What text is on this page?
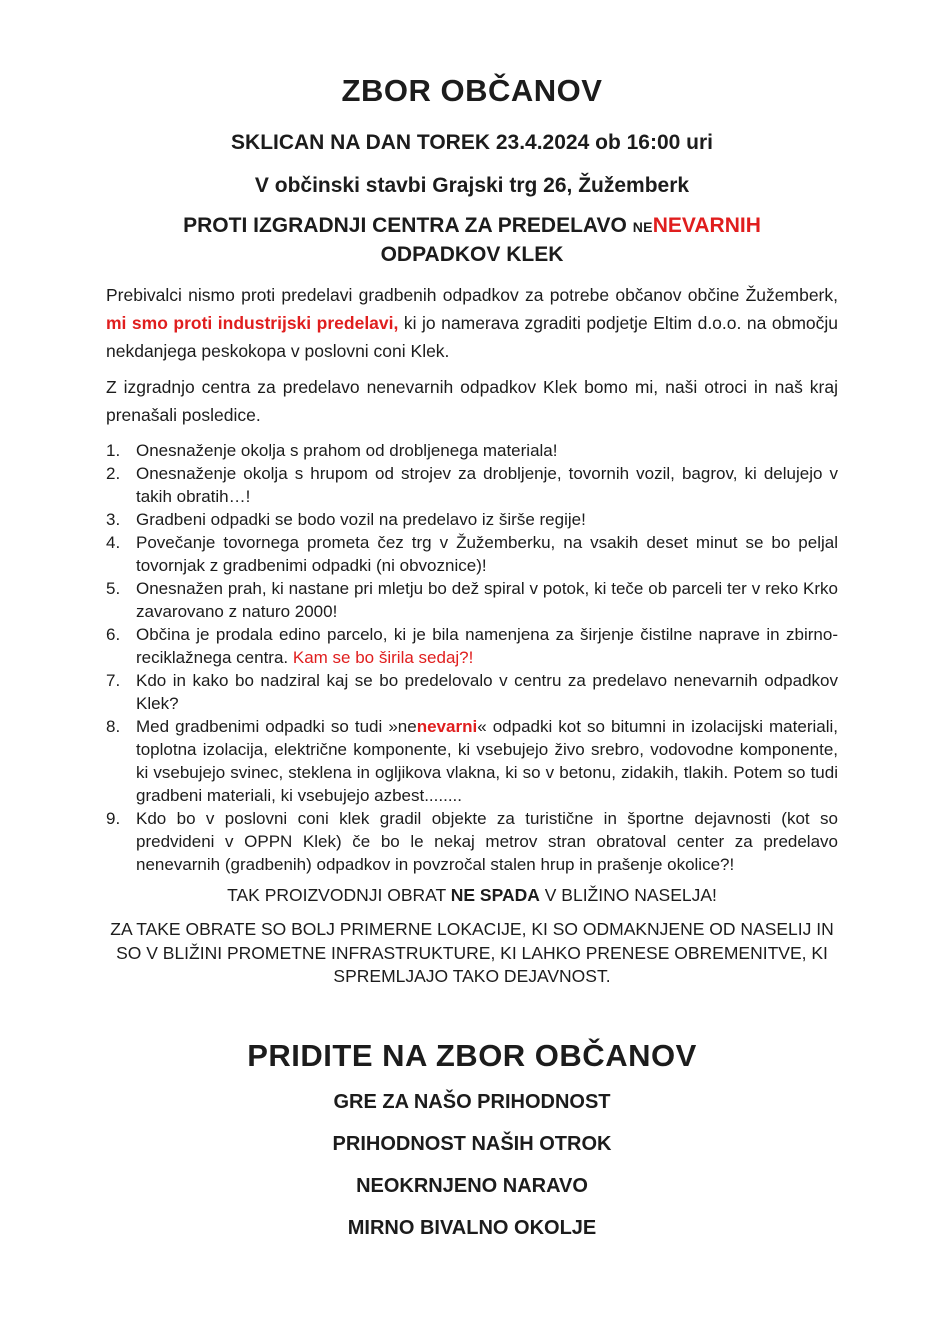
ZBOR OBČANOV
SKLICAN NA DAN TOREK 23.4.2024 ob 16:00 uri
V občinski stavbi Grajski trg 26, Žužemberk
PROTI IZGRADNJI CENTRA ZA PREDELAVO NENEVARNIH
ODPADKOV KLEK

Prebivalci nismo proti predelavi gradbenih odpadkov za potrebe občanov občine Žužemberk, mi smo proti industrijski predelavi, ki jo namerava zgraditi podjetje Eltim d.o.o. na območju nekdanjega peskokopa v poslovni coni Klek.

Z izgradnjo centra za predelavo nenevarnih odpadkov Klek bomo mi, naši otroci in naš kraj prenašali posledice.

1. Onesnaženje okolja s prahom od drobljenega materiala!
2. Onesnaženje okolja s hrupom od strojev za drobljenje, tovornih vozil, bagrov, ki delujejo v takih obratih…!
3. Gradbeni odpadki se bodo vozil na predelavo iz širše regije!
4. Povečanje tovornega prometa čez trg v Žužemberku, na vsakih deset minut se bo peljal tovornjak z gradbenimi odpadki (ni obvoznice)!
5. Onesnažen prah, ki nastane pri mletju bo dež spiral v potok, ki teče ob parceli ter v reko Krko zavarovano z naturo 2000!
6. Občina je prodala edino parcelo, ki je bila namenjena za širjenje čistilne naprave in zbirno-reciklažnega centra. Kam se bo širila sedaj?!
7. Kdo in kako bo nadziral kaj se bo predelovalo v centru za predelavo nenevarnih odpadkov Klek?
8. Med gradbenimi odpadki so tudi »nenevarni« odpadki kot so bitumni in izolacijski materiali, toplotna izolacija, električne komponente, ki vsebujejo živo srebro, vodovodne komponente, ki vsebujejo svinec, steklena in ogljikova vlakna, ki so v betonu, zidakih, tlakih. Potem so tudi gradbeni materiali, ki vsebujejo azbest........
9. Kdo bo v poslovni coni klek gradil objekte za turistične in športne dejavnosti (kot so predvideni v OPPN Klek) če bo le nekaj metrov stran obratoval center za predelavo nenevarnih (gradbenih) odpadkov in povzročal stalen hrup in prašenje okolice?!
TAK PROIZVODNJI OBRAT NE SPADA V BLIŽINO NASELJA!
ZA TAKE OBRATE SO BOLJ PRIMERNE LOKACIJE, KI SO ODMAKNJENE OD NASELIJ IN SO V BLIŽINI PROMETNE INFRASTRUKTURE, KI LAHKO PRENESE OBREMENITVE, KI SPREMLJAJO TAKO DEJAVNOST.
PRIDITE NA ZBOR OBČANOV
GRE ZA NAŠO PRIHODNOST
PRIHODNOST NAŠIH OTROK
NEOKRNJENO NARAVO
MIRNO BIVALNO OKOLJE
